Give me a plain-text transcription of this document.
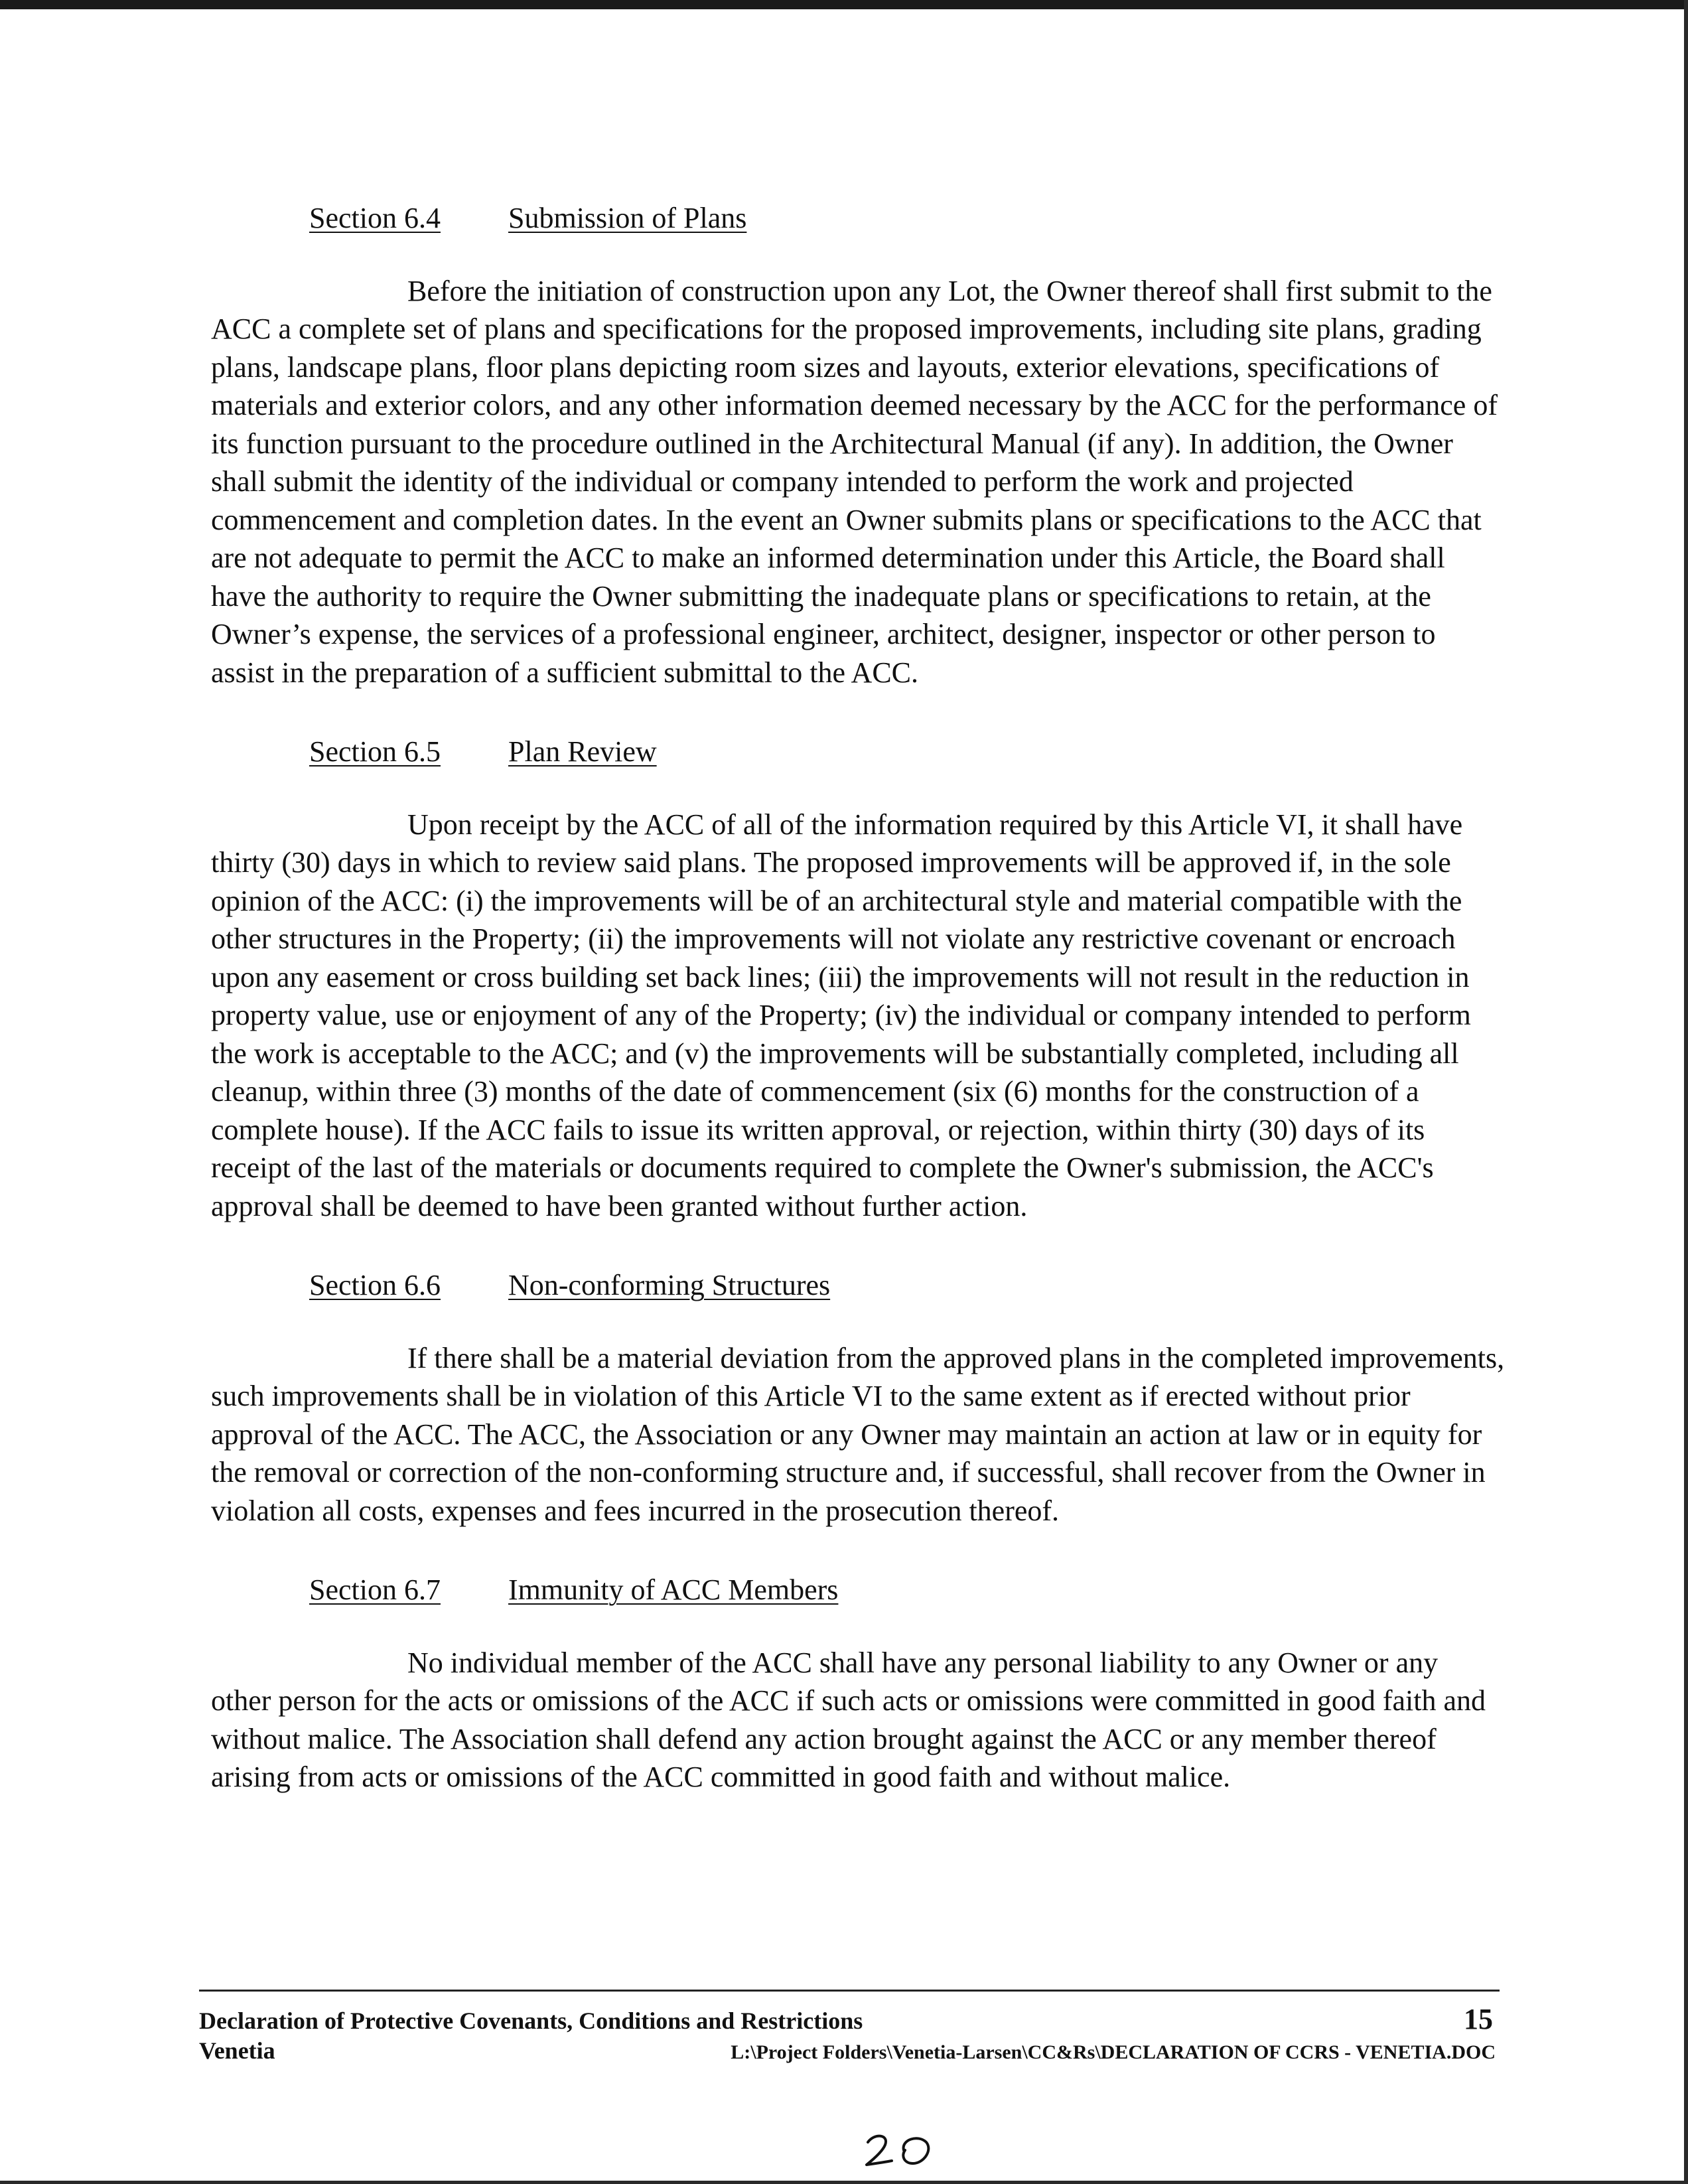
Section 6.4 Submission of Plans

Before the initiation of construction upon any Lot, the Owner thereof shall first submit to the ACC a complete set of plans and specifications for the proposed improvements, including site plans, grading plans, landscape plans, floor plans depicting room sizes and layouts, exterior elevations, specifications of materials and exterior colors, and any other information deemed necessary by the ACC for the performance of its function pursuant to the procedure outlined in the Architectural Manual (if any). In addition, the Owner shall submit the identity of the individual or company intended to perform the work and projected commencement and completion dates. In the event an Owner submits plans or specifications to the ACC that are not adequate to permit the ACC to make an informed determination under this Article, the Board shall have the authority to require the Owner submitting the inadequate plans or specifications to retain, at the Owner’s expense, the services of a professional engineer, architect, designer, inspector or other person to assist in the preparation of a sufficient submittal to the ACC.

Section 6.5 Plan Review

Upon receipt by the ACC of all of the information required by this Article VI, it shall have thirty (30) days in which to review said plans. The proposed improvements will be approved if, in the sole opinion of the ACC: (i) the improvements will be of an architectural style and material compatible with the other structures in the Property; (ii) the improvements will not violate any restrictive covenant or encroach upon any easement or cross building set back lines; (iii) the improvements will not result in the reduction in property value, use or enjoyment of any of the Property; (iv) the individual or company intended to perform the work is acceptable to the ACC; and (v) the improvements will be substantially completed, including all cleanup, within three (3) months of the date of commencement (six (6) months for the construction of a complete house). If the ACC fails to issue its written approval, or rejection, within thirty (30) days of its receipt of the last of the materials or documents required to complete the Owner's submission, the ACC's approval shall be deemed to have been granted without further action.

Section 6.6 Non-conforming Structures

If there shall be a material deviation from the approved plans in the completed improvements, such improvements shall be in violation of this Article VI to the same extent as if erected without prior approval of the ACC. The ACC, the Association or any Owner may maintain an action at law or in equity for the removal or correction of the non-conforming structure and, if successful, shall recover from the Owner in violation all costs, expenses and fees incurred in the prosecution thereof.

Section 6.7 Immunity of ACC Members

No individual member of the ACC shall have any personal liability to any Owner or any other person for the acts or omissions of the ACC if such acts or omissions were committed in good faith and without malice. The Association shall defend any action brought against the ACC or any member thereof arising from acts or omissions of the ACC committed in good faith and without malice.

Declaration of Protective Covenants, Conditions and Restrictions	15
Venetia	L:\Project Folders\Venetia-Larsen\CC&Rs\DECLARATION OF CCRS - VENETIA.DOC
